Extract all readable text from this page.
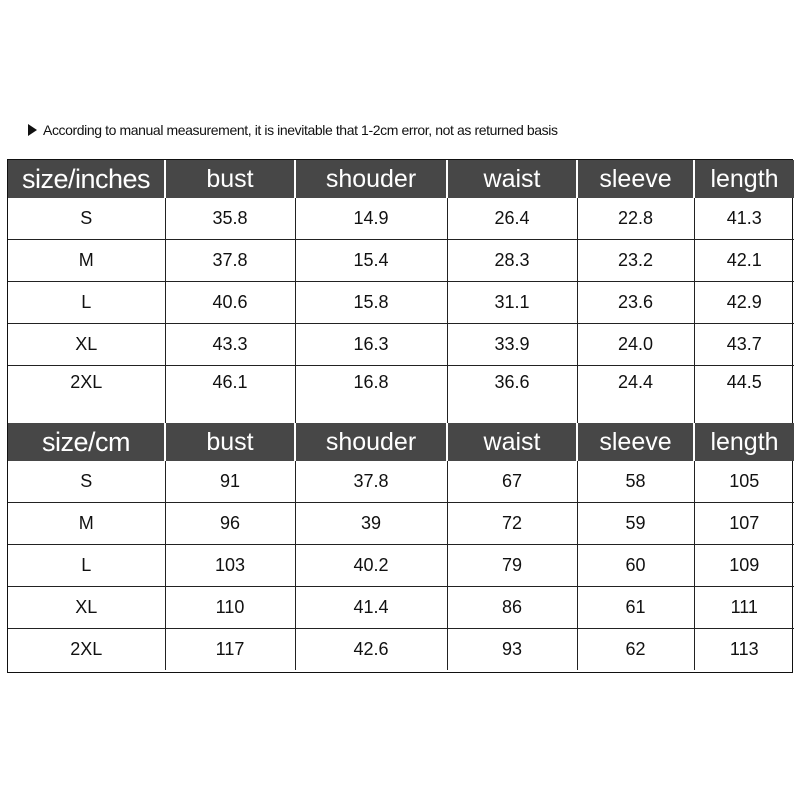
According to manual measurement, it is inevitable that 1-2cm error, not as returned basis
size/inches	bust	shouder	waist	sleeve	length
S	35.8	14.9	26.4	22.8	41.3
M	37.8	15.4	28.3	23.2	42.1
L	40.6	15.8	31.1	23.6	42.9
XL	43.3	16.3	33.9	24.0	43.7
2XL	46.1	16.8	36.6	24.4	44.5
size/cm	bust	shouder	waist	sleeve	length
S	91	37.8	67	58	105
M	96	39	72	59	107
L	103	40.2	79	60	109
XL	110	41.4	86	61	111
2XL	117	42.6	93	62	113
